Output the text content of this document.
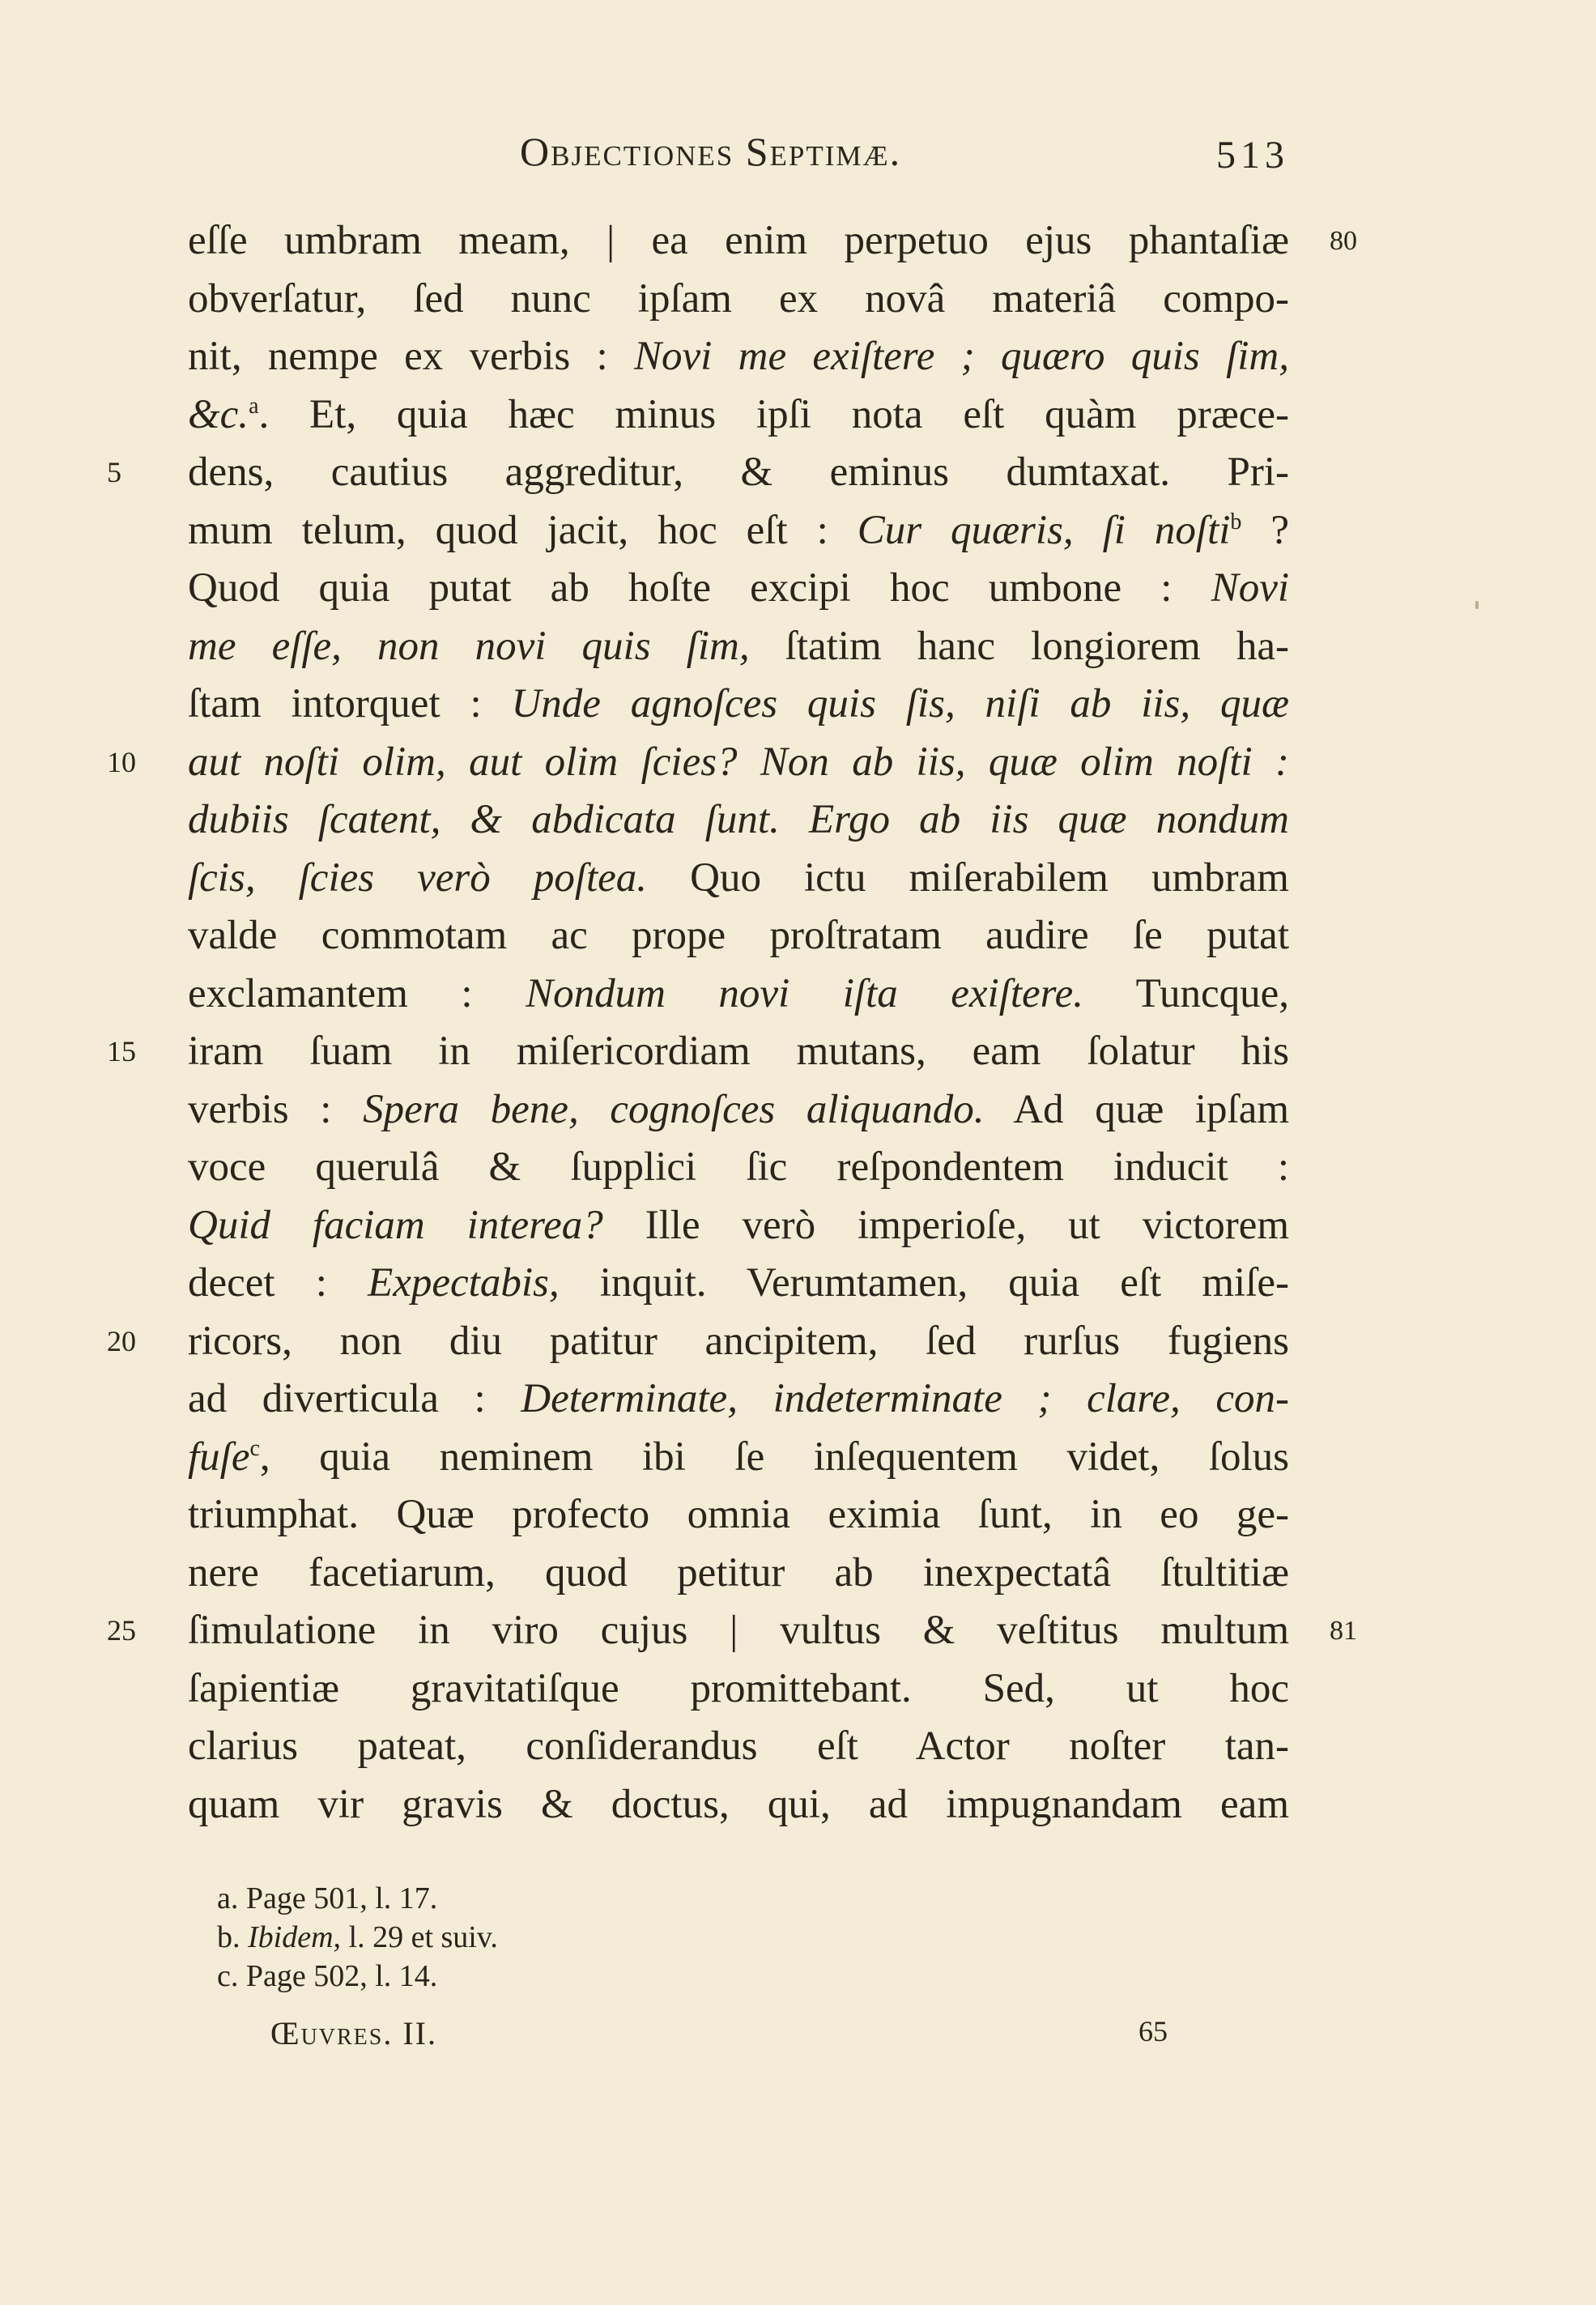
Objectiones Septimæ.	513
eſſe umbram meam, | ea enim perpetuo ejus phantaſiæ 80
obverſatur, ſed nunc ipſam ex novâ materiâ compo-
nit, nempe ex verbis : Novi me exiſtere ; quæro quis ſim,
&c.$^a$. Et, quia hæc minus ipſi nota eſt quàm præce-
5	dens, cautius aggreditur, & eminus dumtaxat. Pri-
mum telum, quod jacit, hoc eſt : Cur quæris, ſi noſti$^b$ ?
Quod quia putat ab hoſte excipi hoc umbone : Novi
me eſſe, non novi quis ſim, ſtatim hanc longiorem ha-
ſtam intorquet : Unde agnoſces quis ſis, niſi ab iis, quæ
10	aut noſti olim, aut olim ſcies? Non ab iis, quæ olim noſti :
dubiis ſcatent, & abdicata ſunt. Ergo ab iis quæ nondum
ſcis, ſcies verò poſtea. Quo ictu miſerabilem umbram
valde commotam ac prope proſtratam audire ſe putat
exclamantem : Nondum novi iſta exiſtere. Tuncque,
15	iram ſuam in miſericordiam mutans, eam ſolatur his
verbis : Spera bene, cognoſces aliquando. Ad quæ ipſam
voce querulâ & ſupplici ſic reſpondentem inducit :
Quid faciam interea? Ille verò imperioſe, ut victorem
decet : Expectabis, inquit. Verumtamen, quia eſt miſe-
20	ricors, non diu patitur ancipitem, ſed rurſus fugiens
ad diverticula : Determinate, indeterminate ; clare, con-
fuſe$^c$, quia neminem ibi ſe inſequentem videt, ſolus
triumphat. Quæ profecto omnia eximia ſunt, in eo ge-
nere facetiarum, quod petitur ab inexpectatâ ſtultitiæ
25	ſimulatione in viro cujus | vultus & veſtitus multum 81
ſapientiæ gravitatiſque promittebant. Sed, ut hoc
clarius pateat, conſiderandus eſt Actor noſter tan-
quam vir gravis & doctus, qui, ad impugnandam eam
a. Page 501, l. 17.
b. Ibidem, l. 29 et suiv.
c. Page 502, l. 14.
Œuvres. II.	65
